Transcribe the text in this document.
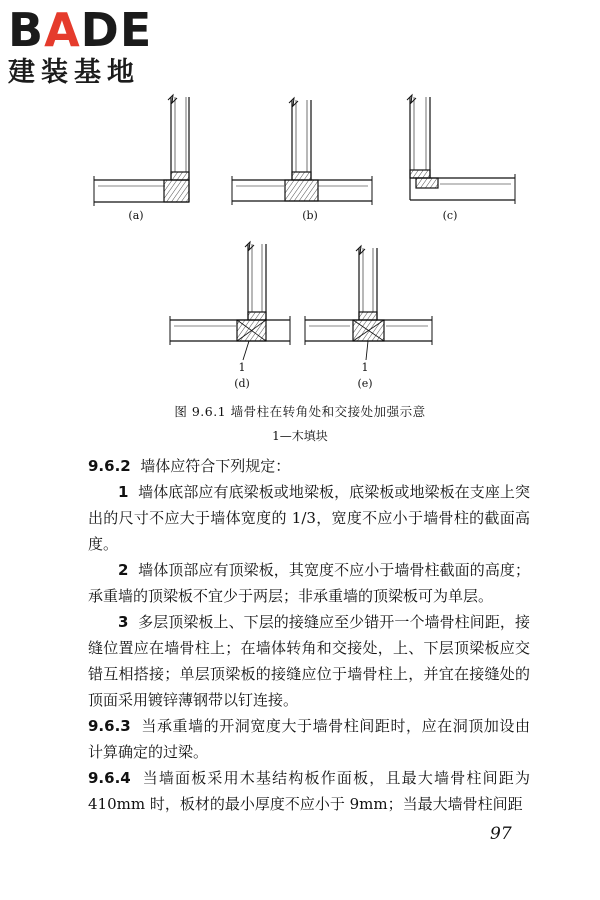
BADE
建装基地
(a)	(b)	(c)
1	1
(d)	(e)
图 9.6.1 墙骨柱在转角处和交接处加强示意
1—木填块

9.6.2 墙体应符合下列规定：

1 墙体底部应有底梁板或地梁板，底梁板或地梁板在支座上突出的尺寸不应大于墙体宽度的 1/3，宽度不应小于墙骨柱的截面高度。

2 墙体顶部应有顶梁板，其宽度不应小于墙骨柱截面的高度；承重墙的顶梁板不宜少于两层；非承重墙的顶梁板可为单层。

3 多层顶梁板上、下层的接缝应至少错开一个墙骨柱间距，接缝位置应在墙骨柱上；在墙体转角和交接处，上、下层顶梁板应交错互相搭接；单层顶梁板的接缝应位于墙骨柱上，并宜在接缝处的顶面采用镀锌薄钢带以钉连接。

9.6.3 当承重墙的开洞宽度大于墙骨柱间距时，应在洞顶加设由计算确定的过梁。

9.6.4 当墙面板采用木基结构板作面板，且最大墙骨柱间距为 410mm 时，板材的最小厚度不应小于 9mm；当最大墙骨柱间距

97
